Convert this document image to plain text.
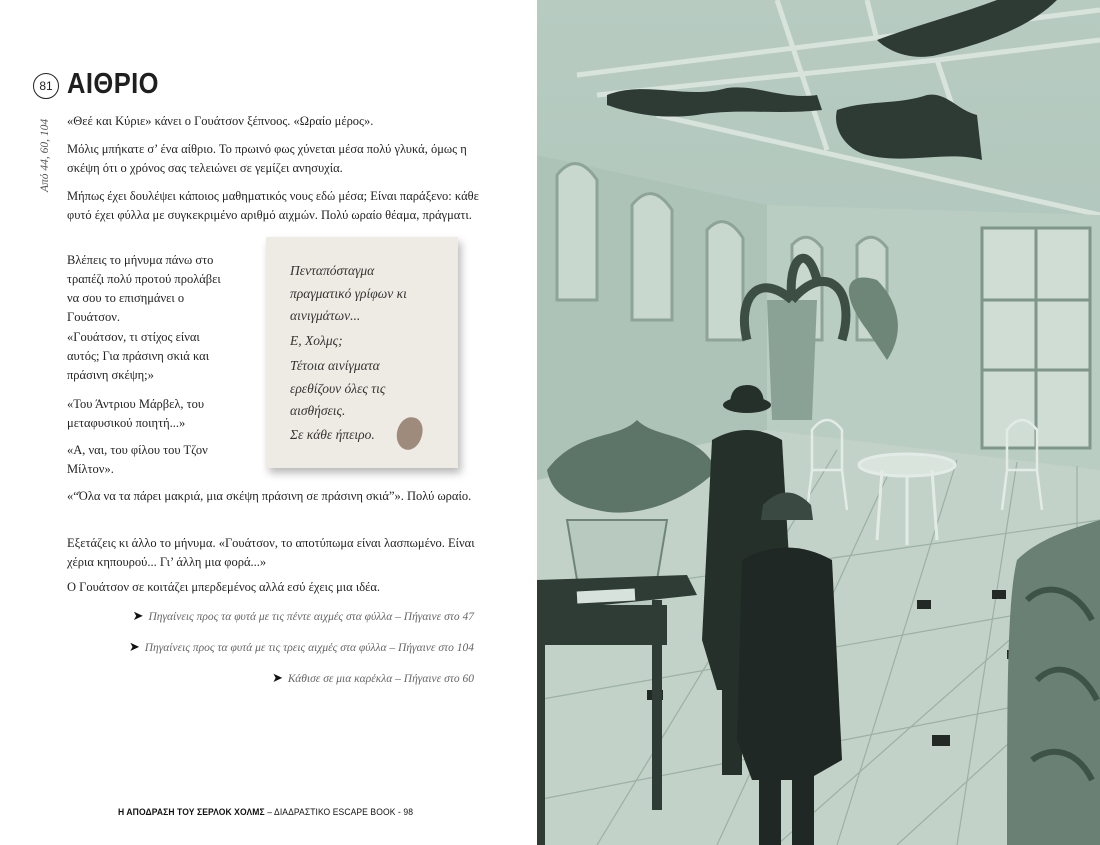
81 ΑΙΘΡΙΟ
Από 44, 60, 104 «Θεέ και Κύριε» κάνει ο Γουάτσον ξέπνοος. «Ωραίο μέρος».

Μόλις μπήκατε σ’ ένα αίθριο. Το πρωινό φως χύνεται μέσα πολύ γλυκά, όμως η σκέψη ότι ο χρόνος σας τελειώνει σε γεμίζει ανησυχία.

Μήπως έχει δουλέψει κάποιος μαθηματικός νους εδώ μέσα; Είναι παράξενο: κάθε φυτό έχει φύλλα με συγκεκριμένο αριθμό αιχμών. Πολύ ωραίο θέαμα, πράγματι.

Βλέπεις το μήνυμα πάνω στο τραπέζι πολύ προτού προλάβει να σου το επισημάνει ο Γουάτσον.

«Γουάτσον, τι στίχος είναι αυτός; Για πράσινη σκιά και πράσινη σκέψη;»

«Του Άντριου Μάρβελ, του μεταφυσικού ποιητή...»

«Α, ναι, του φίλου του Τζον Μίλτον».

«“Όλα να τα πάρει μακριά, μια σκέψη πράσινη σε πράσινη σκιά”». Πολύ ωραίο.

Εξετάζεις κι άλλο το μήνυμα. «Γουάτσον, το αποτύπωμα είναι λασπωμένο. Είναι χέρια κηπουρού... Γι’ άλλη μια φορά...»

Ο Γουάτσον σε κοιτάζει μπερδεμένος αλλά εσύ έχεις μια ιδέα.

Πενταπόσταγμα
πραγματικό γρίφων κι
αινιγμάτων...
Ε, Χολμς;
Τέτοια αινίγματα
ερεθίζουν όλες τις
αισθήσεις.
Σε κάθε ήπειρο.
➤ Πηγαίνεις προς τα φυτά με τις πέντε αιχμές στα φύλλα – Πήγαινε στο 47
➤ Πηγαίνεις προς τα φυτά με τις τρεις αιχμές στα φύλλα – Πήγαινε στο 104
➤ Κάθισε σε μια καρέκλα – Πήγαινε στο 60
Η ΑΠΟΔΡΑΣΗ ΤΟΥ ΣΕΡΛΟΚ ΧΟΛΜΣ – ΔΙΑΔΡΑΣΤΙΚΟ ESCAPE BOOK - 98
